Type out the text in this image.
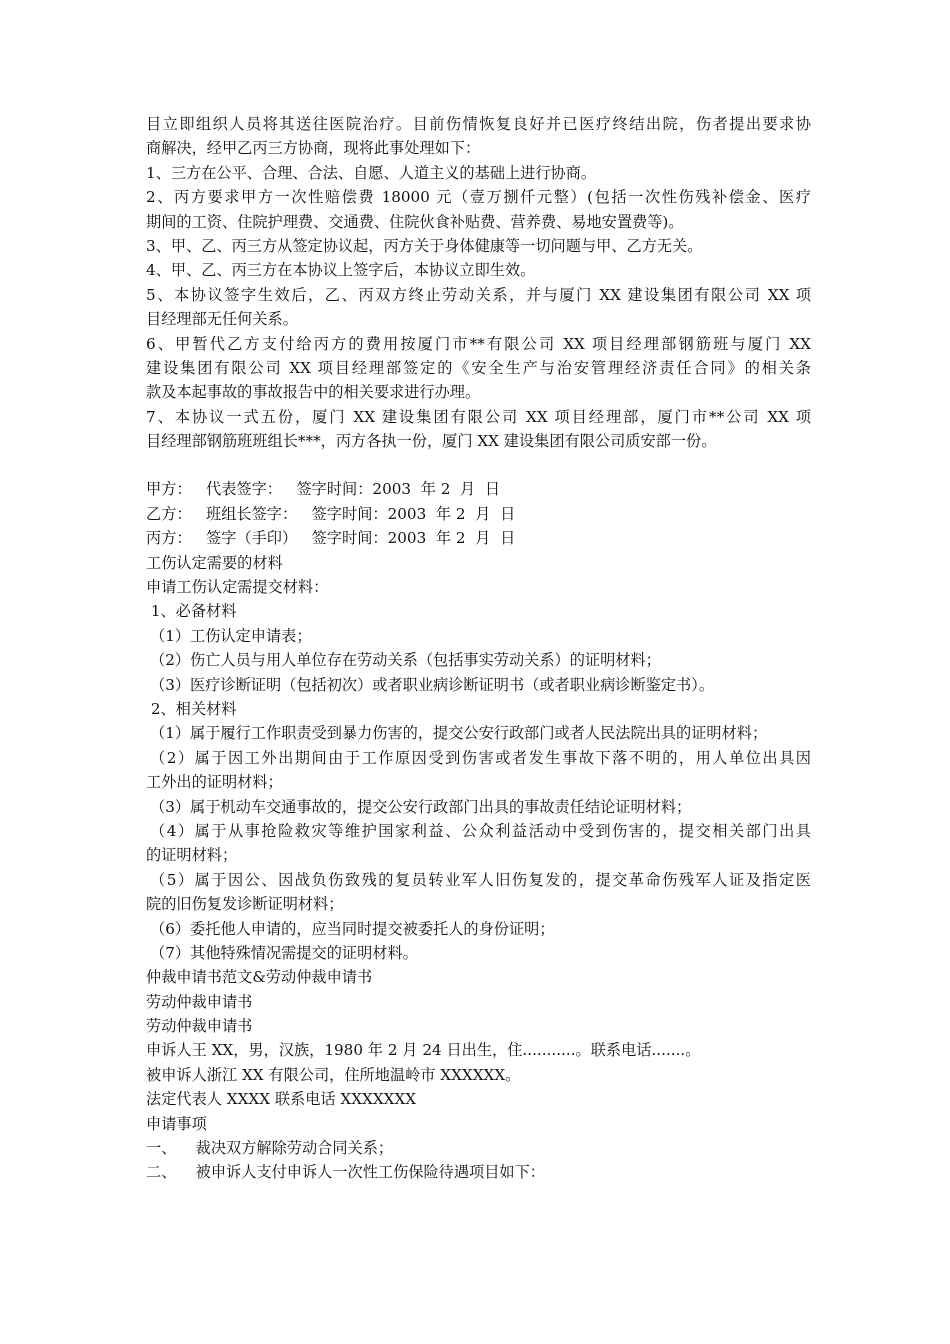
目立即组织人员将其送往医院治疗。目前伤情恢复良好并已医疗终结出院，伤者提出要求协

商解决，经甲乙丙三方协商，现将此事处理如下：

1、三方在公平、合理、合法、自愿、人道主义的基础上进行协商。

2、丙方要求甲方一次性赔偿费 18000 元（壹万捌仟元整）(包括一次性伤残补偿金、医疗

期间的工资、住院护理费、交通费、住院伙食补贴费、营养费、易地安置费等)。

3、甲、乙、丙三方从签定协议起，丙方关于身体健康等一切问题与甲、乙方无关。

4、甲、乙、丙三方在本协议上签字后，本协议立即生效。

5、本协议签字生效后，乙、丙双方终止劳动关系，并与厦门 XX 建设集团有限公司 XX 项

目经理部无任何关系。

6、甲暂代乙方支付给丙方的费用按厦门市**有限公司 XX 项目经理部钢筋班与厦门 XX

建设集团有限公司 XX 项目经理部签定的《安全生产与治安管理经济责任合同》的相关条

款及本起事故的事故报告中的相关要求进行办理。

7、本协议一式五份，厦门 XX 建设集团有限公司 XX 项目经理部，厦门市**公司 XX 项

目经理部钢筋班班组长***，丙方各执一份，厦门 XX 建设集团有限公司质安部一份。

甲方：   代表签字：   签字时间：2003  年 2  月  日

乙方：   班组长签字：   签字时间：2003  年 2  月  日

丙方：   签字（手印）   签字时间：2003  年 2  月  日

工伤认定需要的材料

申请工伤认定需提交材料：

1、必备材料

（1）工伤认定申请表；

（2）伤亡人员与用人单位存在劳动关系（包括事实劳动关系）的证明材料；

（3）医疗诊断证明（包括初次）或者职业病诊断证明书（或者职业病诊断鉴定书）。

2、相关材料

（1）属于履行工作职责受到暴力伤害的，提交公安行政部门或者人民法院出具的证明材料；

（2）属于因工外出期间由于工作原因受到伤害或者发生事故下落不明的，用人单位出具因

工外出的证明材料；

（3）属于机动车交通事故的，提交公安行政部门出具的事故责任结论证明材料；

（4）属于从事抢险救灾等维护国家利益、公众利益活动中受到伤害的，提交相关部门出具

的证明材料；

（5）属于因公、因战负伤致残的复员转业军人旧伤复发的，提交革命伤残军人证及指定医

院的旧伤复发诊断证明材料；

（6）委托他人申请的，应当同时提交被委托人的身份证明；

（7）其他特殊情况需提交的证明材料。

仲裁申请书范文&劳动仲裁申请书

劳动仲裁申请书

劳动仲裁申请书

申诉人王 XX，男，汉族，1980 年 2 月 24 日出生，住...........。联系电话.......。

被申诉人浙江 XX 有限公司，住所地温岭市 XXXXXX。

法定代表人 XXXX 联系电话 XXXXXXX

申请事项

一、    裁决双方解除劳动合同关系；

二、    被申诉人支付申诉人一次性工伤保险待遇项目如下：
